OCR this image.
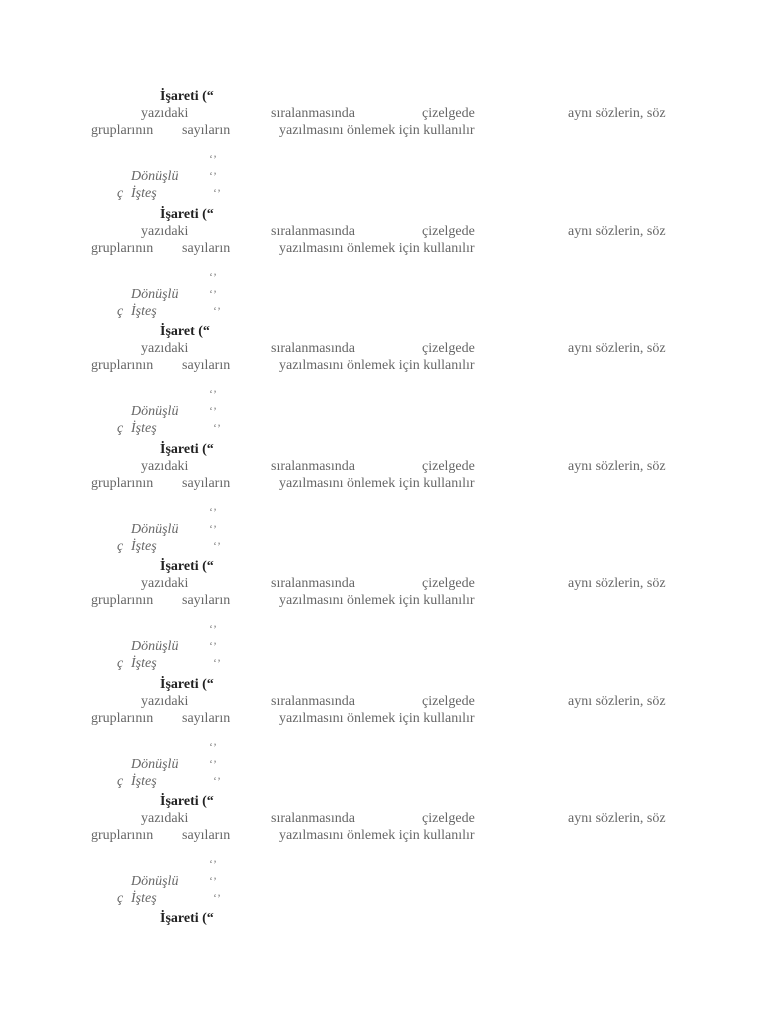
İşareti (“
yazıdaki	sıralanmasında	çizelgede	aynı sözlerin, söz
gruplarının sayıların	yazılmasını önlemek için kullanılır
‘’
Dönüşlü	‘’
ç İşteş	‘’
İşareti (“
yazıdaki	sıralanmasında	çizelgede	aynı sözlerin, söz
gruplarının sayıların	yazılmasını önlemek için kullanılır
‘’
Dönüşlü	‘’
ç İşteş	‘’
İşaret (“
yazıdaki	sıralanmasında	çizelgede	aynı sözlerin, söz
gruplarının sayıların	yazılmasını önlemek için kullanılır
‘’
Dönüşlü	‘’
ç İşteş	‘’
İşareti (“
yazıdaki	sıralanmasında	çizelgede	aynı sözlerin, söz
gruplarının sayıların	yazılmasını önlemek için kullanılır
‘’
Dönüşlü	‘’
ç İşteş	‘’
İşareti (“
yazıdaki	sıralanmasında	çizelgede	aynı sözlerin, söz
gruplarının sayıların	yazılmasını önlemek için kullanılır
‘’
Dönüşlü	‘’
ç İşteş	‘’
İşareti (“
yazıdaki	sıralanmasında	çizelgede	aynı sözlerin, söz
gruplarının sayıların	yazılmasını önlemek için kullanılır
‘’
Dönüşlü	‘’
ç İşteş	‘’
İşareti (“
yazıdaki	sıralanmasında	çizelgede	aynı sözlerin, söz
gruplarının sayıların	yazılmasını önlemek için kullanılır
‘’
Dönüşlü	‘’
ç İşteş	‘’
İşareti (“
